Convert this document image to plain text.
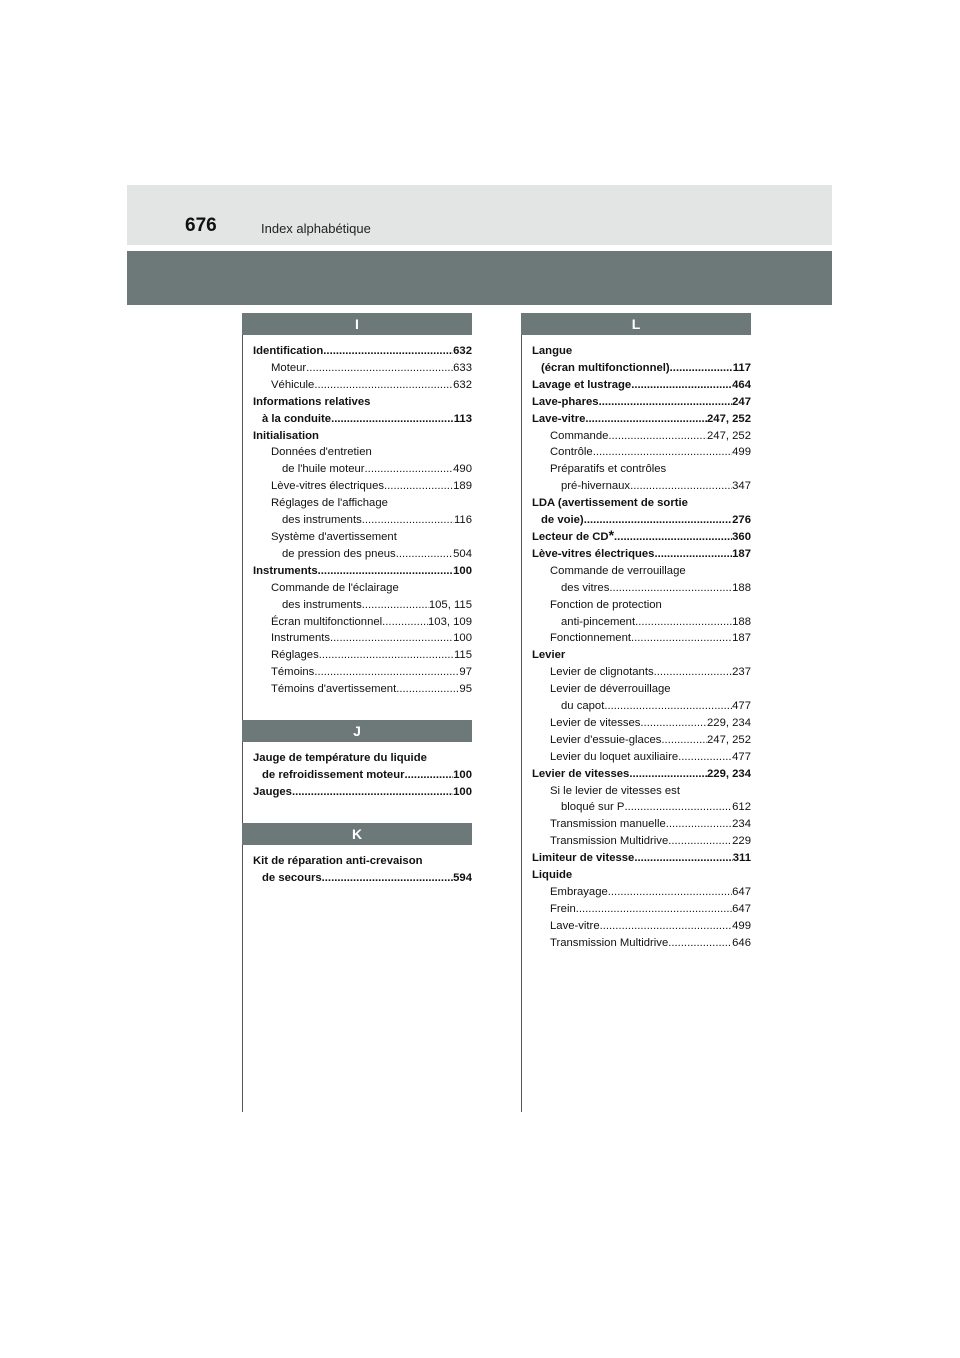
676	Index alphabétique
I
Identification .....	632
Moteur .....	633
Véhicule .....	632
Informations relatives
à la conduite .....	113
Initialisation
Données d'entretien
de l'huile moteur .....	490
Lève-vitres électriques .....	189
Réglages de l'affichage
des instruments .....	116
Système d'avertissement
de pression des pneus .....	504
Instruments .....	100
Commande de l'éclairage
des instruments .....	105, 115
Écran multifonctionnel .....	103, 109
Instruments .....	100
Réglages .....	115
Témoins .....	97
Témoins d'avertissement .....	95
J
Jauge de température du liquide
de refroidissement moteur .....	100
Jauges .....	100
K
Kit de réparation anti-crevaison
de secours .....	594
L
Langue
(écran multifonctionnel) .....	117
Lavage et lustrage .....	464
Lave-phares .....	247
Lave-vitre .....	247, 252
Commande .....	247, 252
Contrôle .....	499
Préparatifs et contrôles
pré-hivernaux .....	347
LDA (avertissement de sortie
de voie) .....	276
Lecteur de CD * .....	360
Lève-vitres électriques .....	187
Commande de verrouillage
des vitres .....	188
Fonction de protection
anti-pincement .....	188
Fonctionnement .....	187
Levier
Levier de clignotants .....	237
Levier de déverrouillage
du capot .....	477
Levier de vitesses .....	229, 234
Levier d'essuie-glaces .....	247, 252
Levier du loquet auxiliaire .....	477
Levier de vitesses .....	229, 234
Si le levier de vitesses est
bloqué sur P .....	612
Transmission manuelle .....	234
Transmission Multidrive .....	229
Limiteur de vitesse .....	311
Liquide
Embrayage .....	647
Frein .....	647
Lave-vitre .....	499
Transmission Multidrive .....	646
